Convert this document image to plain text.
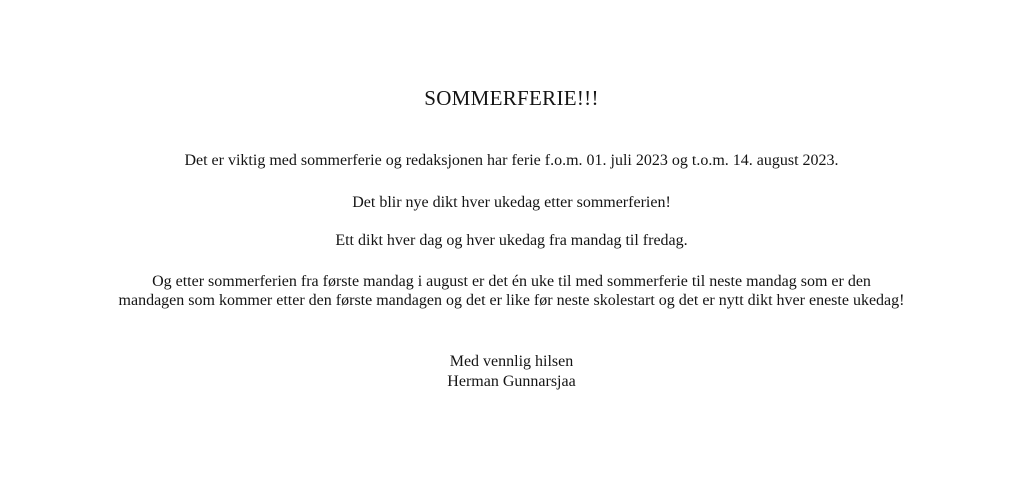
SOMMERFERIE!!!

Det er viktig med sommerferie og redaksjonen har ferie f.o.m. 01. juli 2023 og t.o.m. 14. august 2023.

Det blir nye dikt hver ukedag etter sommerferien!

Ett dikt hver dag og hver ukedag fra mandag til fredag.

Og etter sommerferien fra første mandag i august er det én uke til med sommerferie til neste mandag som er den
mandagen som kommer etter den første mandagen og det er like før neste skolestart og det er nytt dikt hver eneste ukedag!

Med vennlig hilsen
Herman Gunnarsjaa
